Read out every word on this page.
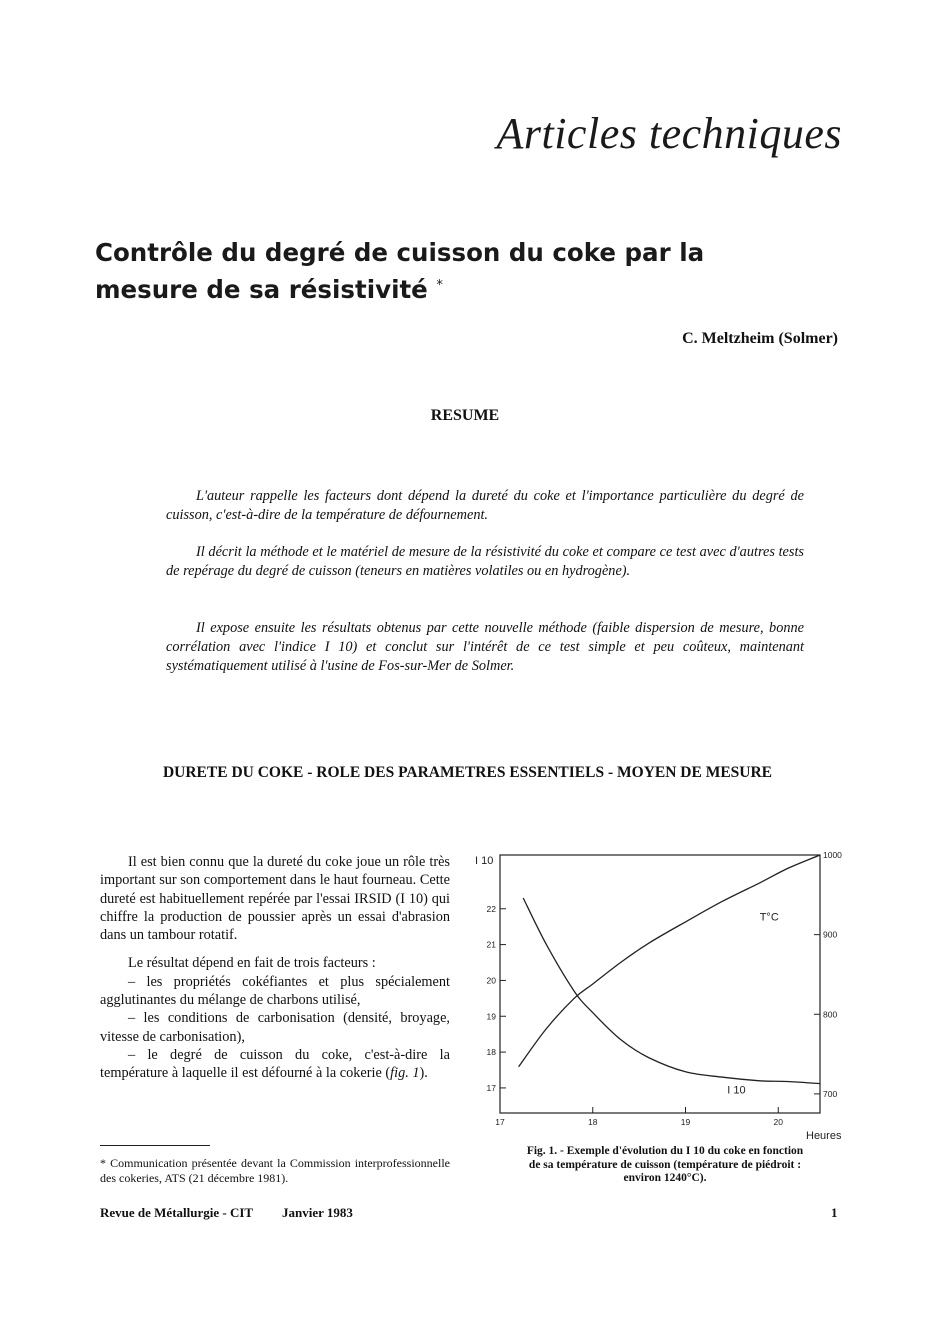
Articles techniques
Contrôle du degré de cuisson du coke par la
mesure de sa résistivité *
C. Meltzheim (Solmer)
RESUME
L'auteur rappelle les facteurs dont dépend la dureté du coke et l'importance particulière du degré de cuisson, c'est-à-dire de la température de défournement.
Il décrit la méthode et le matériel de mesure de la résistivité du coke et compare ce test avec d'autres tests de repérage du degré de cuisson (teneurs en matières volatiles ou en hydrogène).
Il expose ensuite les résultats obtenus par cette nouvelle méthode (faible dispersion de mesure, bonne corrélation avec l'indice I 10) et conclut sur l'intérêt de ce test simple et peu coûteux, maintenant systématiquement utilisé à l'usine de Fos-sur-Mer de Solmer.
DURETE DU COKE - ROLE DES PARAMETRES ESSENTIELS - MOYEN DE MESURE

Il est bien connu que la dureté du coke joue un rôle très important sur son comportement dans le haut fourneau. Cette dureté est habituellement repérée par l'essai IRSID (I 10) qui chiffre la production de poussier après un essai d'abrasion dans un tambour rotatif.

Le résultat dépend en fait de trois facteurs :

– les propriétés cokéfiantes et plus spécialement agglutinantes du mélange de charbons utilisé,

– les conditions de carbonisation (densité, broyage, vitesse de carbonisation),

– le degré de cuisson du coke, c'est-à-dire la température à laquelle il est défourné à la cokerie (fig. 1).

* Communication présentée devant la Commission interprofessionnelle des cokeries, ATS (21 décembre 1981).
Revue de Métallurgie - CIT Janvier 1983	1
17	18	19	20
17
18
19
20
21
22
700
800
900
1000
I 10
Heures
T°C
I 10
Fig. 1. - Exemple d'évolution du I 10 du coke en fonction
de sa température de cuisson (température de piédroit :
environ 1240°C).
